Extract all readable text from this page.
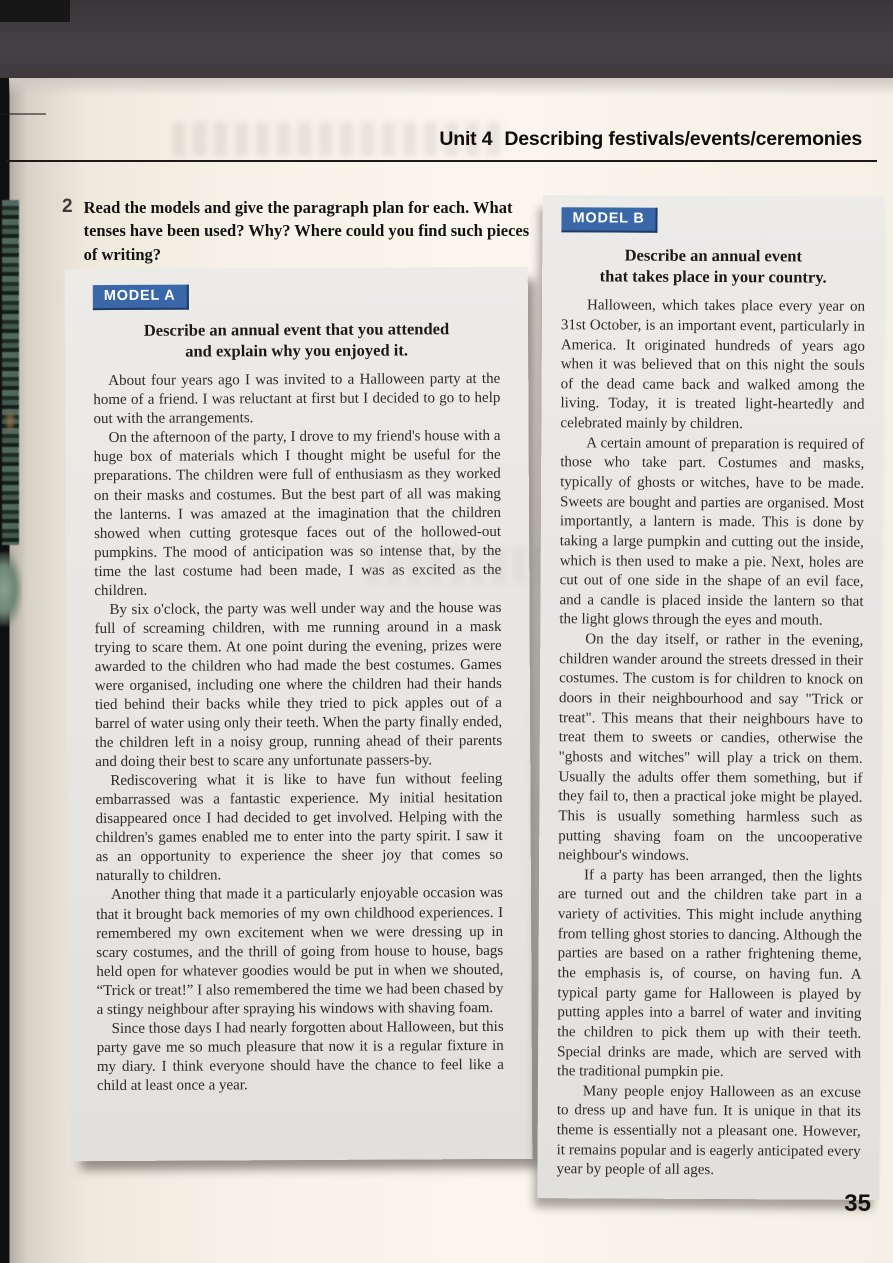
Unit 4 Describing festivals/events/ceremonies
2 Read the models and give the paragraph plan for each. What tenses have been used? Why? Where could you find such pieces of writing?

MODEL A
Describe an annual event that you attended
and explain why you enjoyed it.

About four years ago I was invited to a Halloween party at the home of a friend. I was reluctant at first but I decided to go to help out with the arrangements.

On the afternoon of the party, I drove to my friend's house with a huge box of materials which I thought might be useful for the preparations. The children were full of enthusiasm as they worked on their masks and costumes. But the best part of all was making the lanterns. I was amazed at the imagination that the children showed when cutting grotesque faces out of the hollowed-out pumpkins. The mood of anticipation was so intense that, by the time the last costume had been made, I was as excited as the children.

By six o'clock, the party was well under way and the house was full of screaming children, with me running around in a mask trying to scare them. At one point during the evening, prizes were awarded to the children who had made the best costumes. Games were organised, including one where the children had their hands tied behind their backs while they tried to pick apples out of a barrel of water using only their teeth. When the party finally ended, the children left in a noisy group, running ahead of their parents and doing their best to scare any unfortunate passers-by.

Rediscovering what it is like to have fun without feeling embarrassed was a fantastic experience. My initial hesitation disappeared once I had decided to get involved. Helping with the children's games enabled me to enter into the party spirit. I saw it as an opportunity to experience the sheer joy that comes so naturally to children.

Another thing that made it a particularly enjoyable occasion was that it brought back memories of my own childhood experiences. I remembered my own excitement when we were dressing up in scary costumes, and the thrill of going from house to house, bags held open for whatever goodies would be put in when we shouted, “Trick or treat!” I also remembered the time we had been chased by a stingy neighbour after spraying his windows with shaving foam.

Since those days I had nearly forgotten about Halloween, but this party gave me so much pleasure that now it is a regular fixture in my diary. I think everyone should have the chance to feel like a child at least once a year.

MODEL B
Describe an annual event
that takes place in your country.

Halloween, which takes place every year on 31st October, is an important event, particularly in America. It originated hundreds of years ago when it was believed that on this night the souls of the dead came back and walked among the living. Today, it is treated light-heartedly and celebrated mainly by children.

A certain amount of preparation is required of those who take part. Costumes and masks, typically of ghosts or witches, have to be made. Sweets are bought and parties are organised. Most importantly, a lantern is made. This is done by taking a large pumpkin and cutting out the inside, which is then used to make a pie. Next, holes are cut out of one side in the shape of an evil face, and a candle is placed inside the lantern so that the light glows through the eyes and mouth.

On the day itself, or rather in the evening, children wander around the streets dressed in their costumes. The custom is for children to knock on doors in their neighbourhood and say "Trick or treat". This means that their neighbours have to treat them to sweets or candies, otherwise the "ghosts and witches" will play a trick on them. Usually the adults offer them something, but if they fail to, then a practical joke might be played. This is usually something harmless such as putting shaving foam on the uncooperative neighbour's windows.

If a party has been arranged, then the lights are turned out and the children take part in a variety of activities. This might include anything from telling ghost stories to dancing. Although the parties are based on a rather frightening theme, the emphasis is, of course, on having fun. A typical party game for Halloween is played by putting apples into a barrel of water and inviting the children to pick them up with their teeth. Special drinks are made, which are served with the traditional pumpkin pie.

Many people enjoy Halloween as an excuse to dress up and have fun. It is unique in that its theme is essentially not a pleasant one. However, it remains popular and is eagerly anticipated every year by people of all ages.

35
